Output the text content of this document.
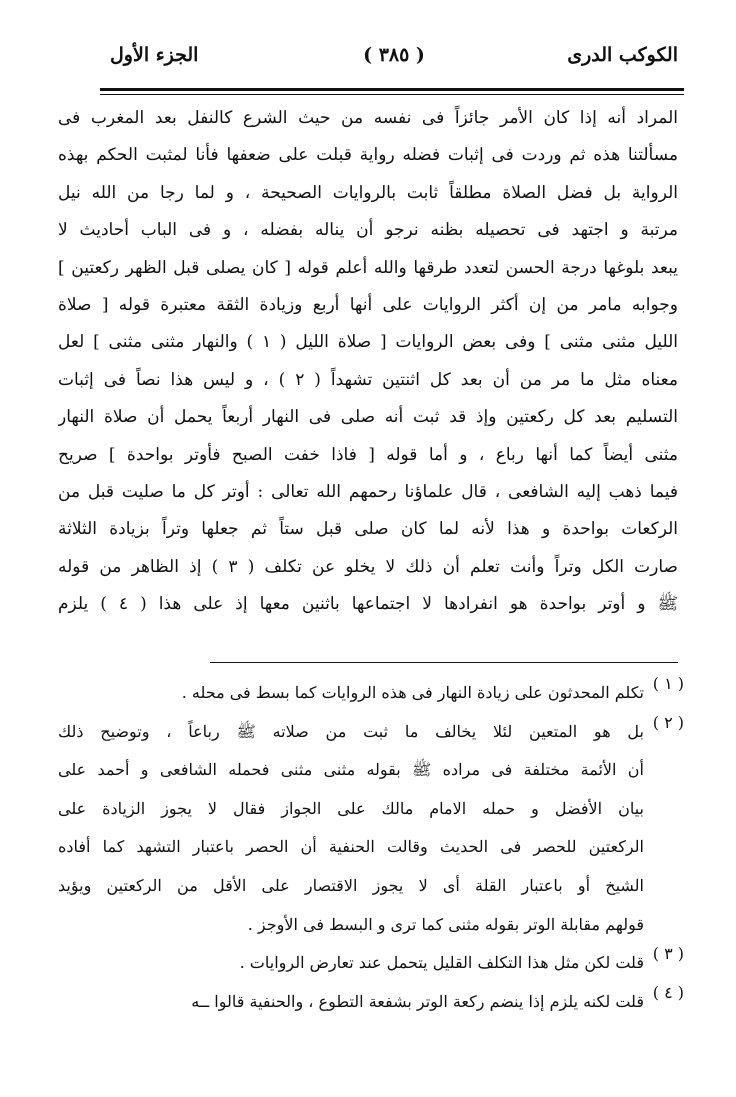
الكوكب الدرى
( ٣٨٥ )
الجزء الأول
المراد أنه إذا كان الأمر جائزاً فى نفسه من حيث الشرع كالنفل بعد المغرب فى
مسألتنا هذه ثم وردت فى إثبات فضله رواية قبلت على ضعفها فأنا لمثبت الحكم بهذه
الرواية بل فضل الصلاة مطلقاً ثابت بالروايات الصحيحة ، و لما رجا من الله نيل
مرتبة و اجتهد فى تحصيله بظنه نرجو أن يناله بفضله ، و فى الباب أحاديث لا
يبعد بلوغها درجة الحسن لتعدد طرقها والله أعلم قوله [ كان يصلى قبل الظهر ركعتين ]
وجوابه مامر من إن أكثر الروايات على أنها أربع وزيادة الثقة معتبرة قوله [ صلاة
الليل مثنى مثنى ] وفى بعض الروايات [ صلاة الليل ( ١ ) والنهار مثنى مثنى ] لعل
معناه مثل ما مر من أن بعد كل اثنتين تشهداً ( ٢ ) ، و ليس هذا نصاً فى إثبات
التسليم بعد كل ركعتين وإذ قد ثبت أنه صلى فى النهار أربعاً يحمل أن صلاة النهار
مثنى أيضاً كما أنها رباع ، و أما قوله [ فاذا خفت الصبح فأوتر بواحدة ] صريح
فيما ذهب إليه الشافعى ، قال علماؤنا رحمهم الله تعالى : أوتر كل ما صليت قبل من
الركعات بواحدة و هذا لأنه لما كان صلى قبل ستاً ثم جعلها وتراً بزيادة الثلاثة
صارت الكل وتراً وأنت تعلم أن ذلك لا يخلو عن تكلف ( ٣ ) إذ الظاهر من قوله
ﷺ و أوتر بواحدة هو انفرادها لا اجتماعها باثنين معها إذ على هذا ( ٤ ) يلزم
( ١ )
تكلم المحدثون على زيادة النهار فى هذه الروايات كما بسط فى محله .
( ٢ )
بل هو المتعين لئلا يخالف ما ثبت من صلاته ﷺ رباعاً ، وتوضيح ذلك
أن الأئمة مختلفة فى مراده ﷺ بقوله مثنى مثنى فحمله الشافعى و أحمد على
بيان الأفضل و حمله الامام مالك على الجواز فقال لا يجوز الزيادة على
الركعتين للحصر فى الحديث وقالت الحنفية أن الحصر باعتبار التشهد كما أفاده
الشيخ أو باعتبار القلة أى لا يجوز الاقتصار على الأقل من الركعتين ويؤيد
قولهم مقابلة الوتر بقوله مثنى كما ترى و البسط فى الأوجز .
( ٣ )
قلت لكن مثل هذا التكلف القليل يتحمل عند تعارض الروايات .
( ٤ )
قلت لكنه يلزم إذا ينضم ركعة الوتر بشفعة التطوع ، والحنفية قالوا ــه
